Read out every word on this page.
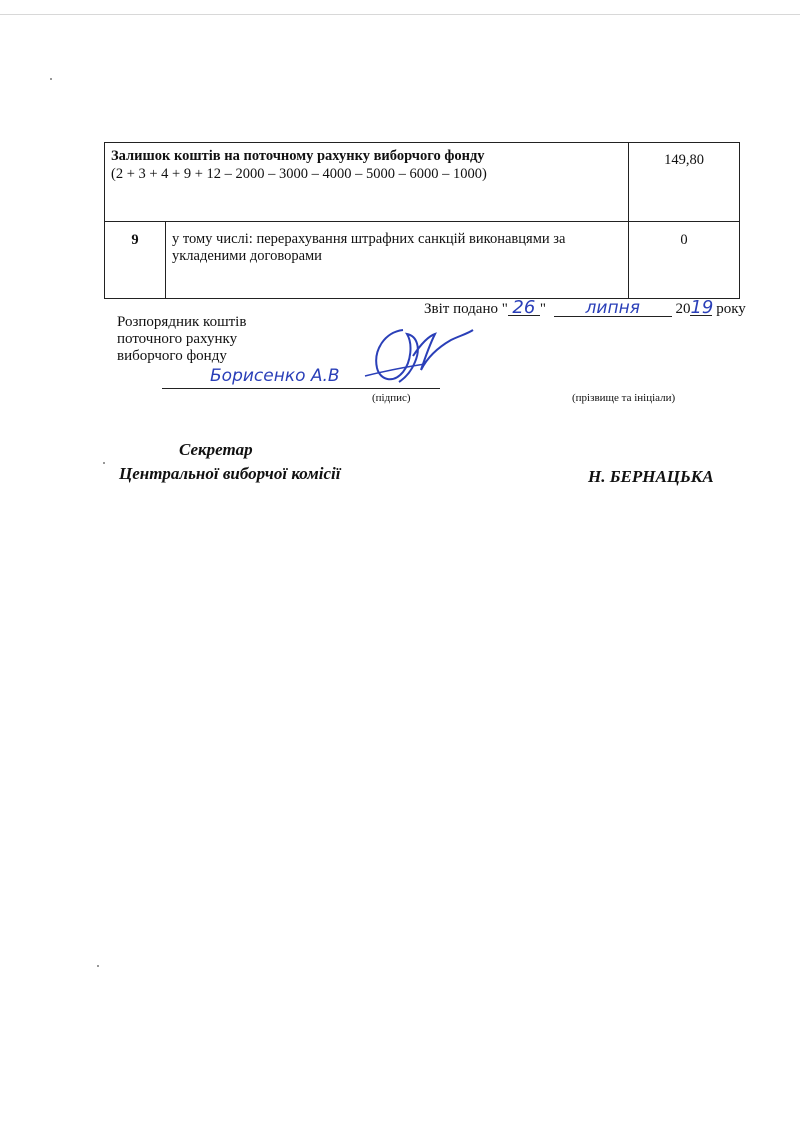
Залишок коштів на поточному рахунку виборчого фонду
(2 + 3 + 4 + 9 + 12 – 2000 – 3000 – 4000 – 5000 – 6000 – 1000)		149,80
9	у тому числі: перерахування штрафних санкцій виконавцями за
укладеними договорами	0
Звіт подано " 26 " липня 2019 року
Розпорядник коштів
поточного рахунку
виборчого фонду
Борисенко А.В
(підпис)	(прізвище та ініціали)
Секретар
Центральної виборчої комісії	Н. БЕРНАЦЬКА
